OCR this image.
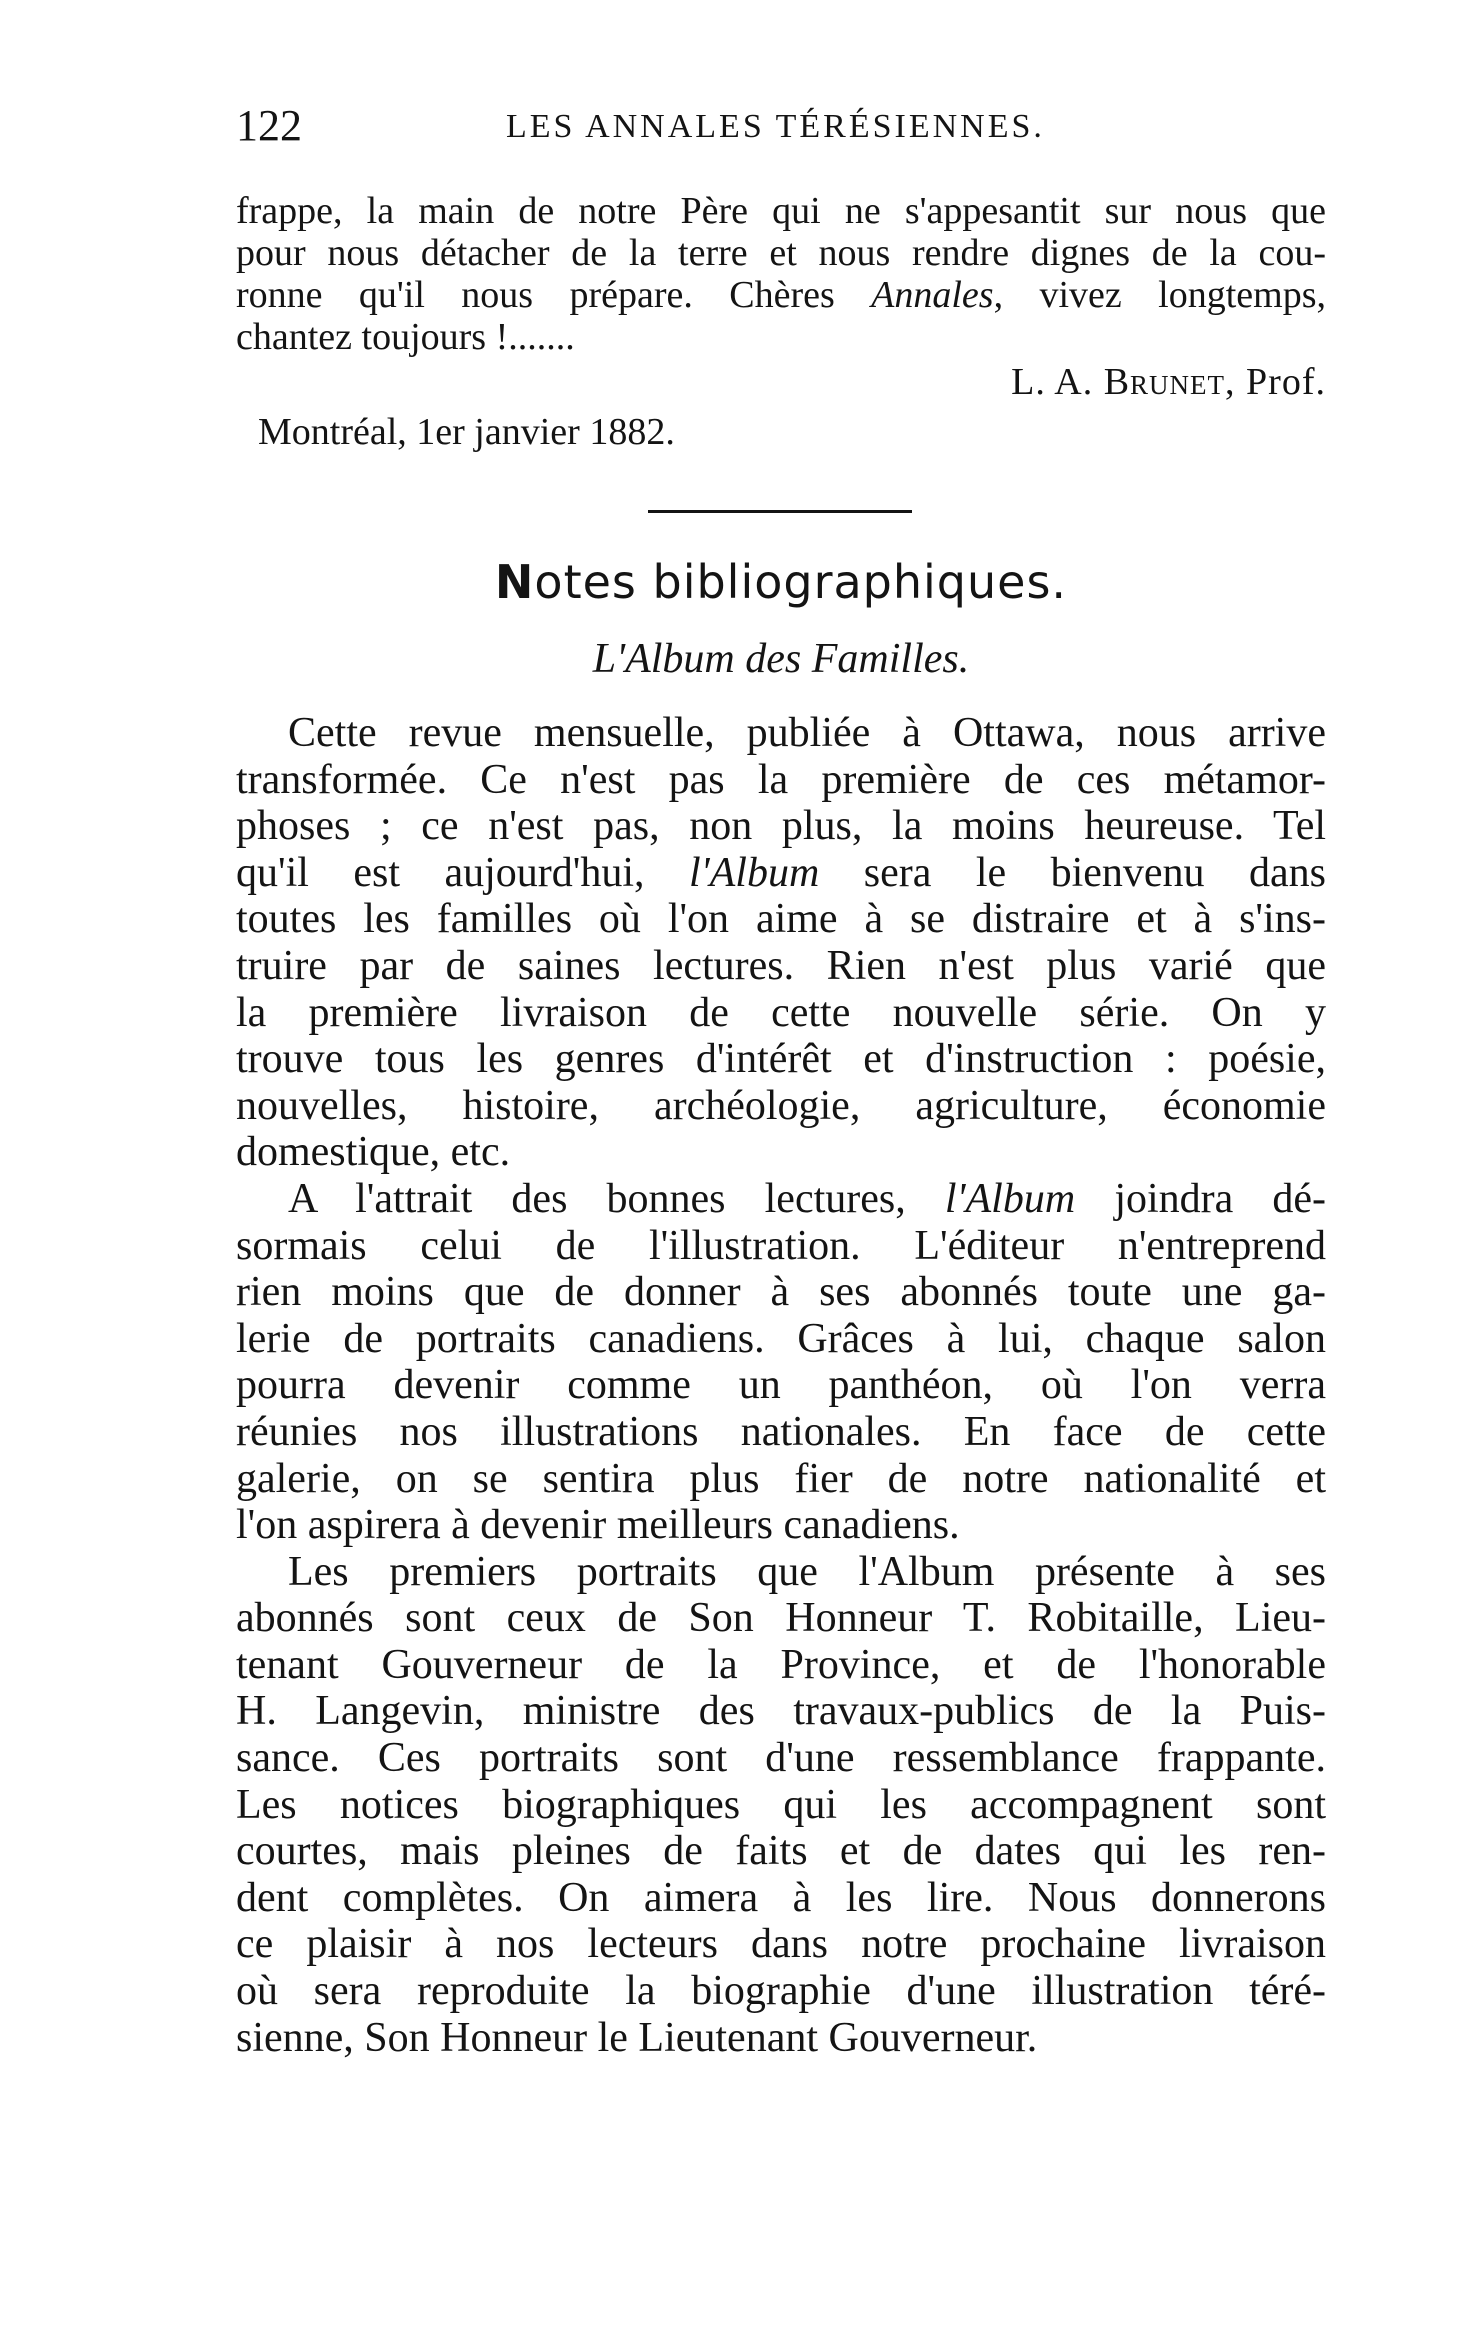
122	LES ANNALES TÉRÉSIENNES.
frappe, la main de notre Père qui ne s'appesantit sur nous que
pour nous détacher de la terre et nous rendre dignes de la cou-
ronne qu'il nous prépare. Chères Annales, vivez longtemps,
chantez toujours !.......
L. A. Brunet, Prof.
Montréal, 1er janvier 1882.
Notes bibliographiques.
L'Album des Familles.
Cette revue mensuelle, publiée à Ottawa, nous arrive
transformée. Ce n'est pas la première de ces métamor-
phoses ; ce n'est pas, non plus, la moins heureuse. Tel
qu'il est aujourd'hui, l'Album sera le bienvenu dans
toutes les familles où l'on aime à se distraire et à s'ins-
truire par de saines lectures. Rien n'est plus varié que
la première livraison de cette nouvelle série. On y
trouve tous les genres d'intérêt et d'instruction : poésie,
nouvelles, histoire, archéologie, agriculture, économie
domestique, etc.
A l'attrait des bonnes lectures, l'Album joindra dé-
sormais celui de l'illustration. L'éditeur n'entreprend
rien moins que de donner à ses abonnés toute une ga-
lerie de portraits canadiens. Grâces à lui, chaque salon
pourra devenir comme un panthéon, où l'on verra
réunies nos illustrations nationales. En face de cette
galerie, on se sentira plus fier de notre nationalité et
l'on aspirera à devenir meilleurs canadiens.
Les premiers portraits que l'Album présente à ses
abonnés sont ceux de Son Honneur T. Robitaille, Lieu-
tenant Gouverneur de la Province, et de l'honorable
H. Langevin, ministre des travaux-publics de la Puis-
sance. Ces portraits sont d'une ressemblance frappante.
Les notices biographiques qui les accompagnent sont
courtes, mais pleines de faits et de dates qui les ren-
dent complètes. On aimera à les lire. Nous donnerons
ce plaisir à nos lecteurs dans notre prochaine livraison
où sera reproduite la biographie d'une illustration téré-
sienne, Son Honneur le Lieutenant Gouverneur.
